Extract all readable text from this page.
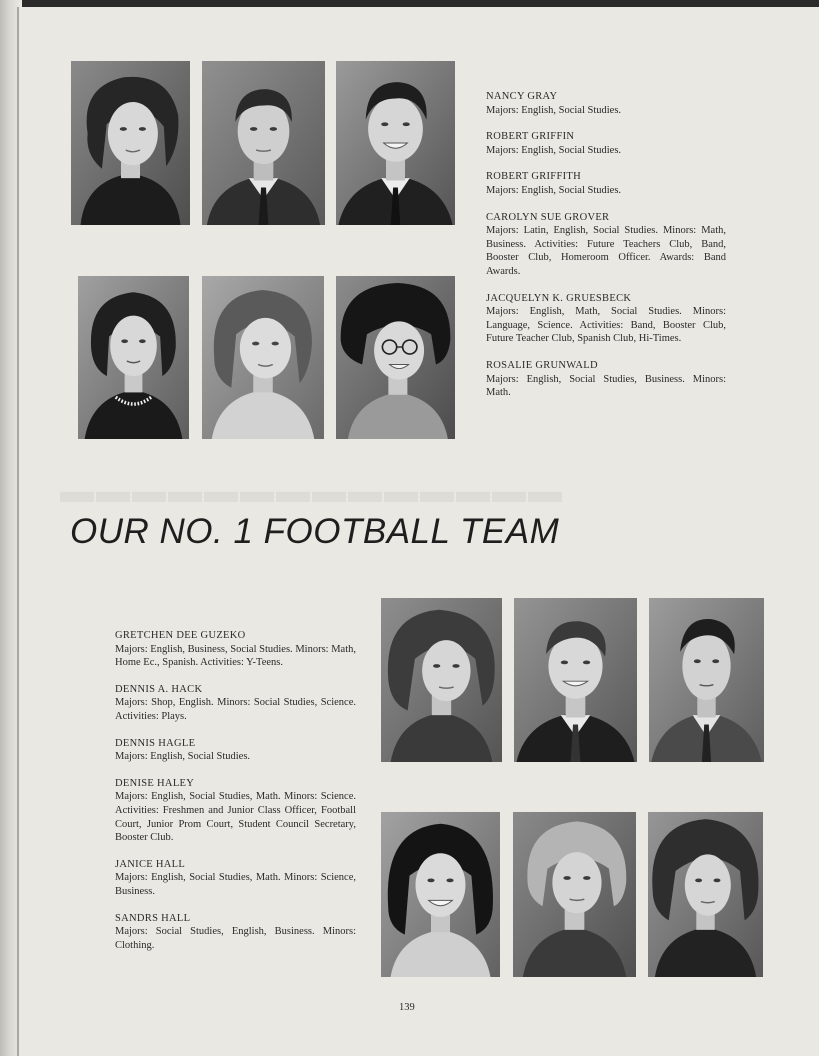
▬▬▬▬▬▬▬▬▬▬▬▬▬▬
NANCY GRAY
Majors: English, Social Studies.
ROBERT GRIFFIN
Majors: English, Social Studies.
ROBERT GRIFFITH
Majors: English, Social Studies.
CAROLYN SUE GROVER
Majors: Latin, English, Social Studies. Minors: Math, Business. Activities: Future Teachers Club, Band, Booster Club, Homeroom Officer. Awards: Band Awards.
JACQUELYN K. GRUESBECK
Majors: English, Math, Social Studies. Minors: Language, Science. Activities: Band, Booster Club, Future Teacher Club, Spanish Club, Hi-Times.
ROSALIE GRUNWALD
Majors: English, Social Studies, Business. Minors: Math.
OUR NO. 1 FOOTBALL TEAM
GRETCHEN DEE GUZEKO
Majors: English, Business, Social Studies. Minors: Math, Home Ec., Spanish. Activities: Y-Teens.
DENNIS A. HACK
Majors: Shop, English. Minors: Social Studies, Science. Activities: Plays.
DENNIS HAGLE
Majors: English, Social Studies.
DENISE HALEY
Majors: English, Social Studies, Math. Minors: Science. Activities: Freshmen and Junior Class Officer, Football Court, Junior Prom Court, Student Council Secretary, Booster Club.
JANICE HALL
Majors: English, Social Studies, Math. Minors: Science, Business.
SANDRS HALL
Majors: Social Studies, English, Business. Minors: Clothing.
139
